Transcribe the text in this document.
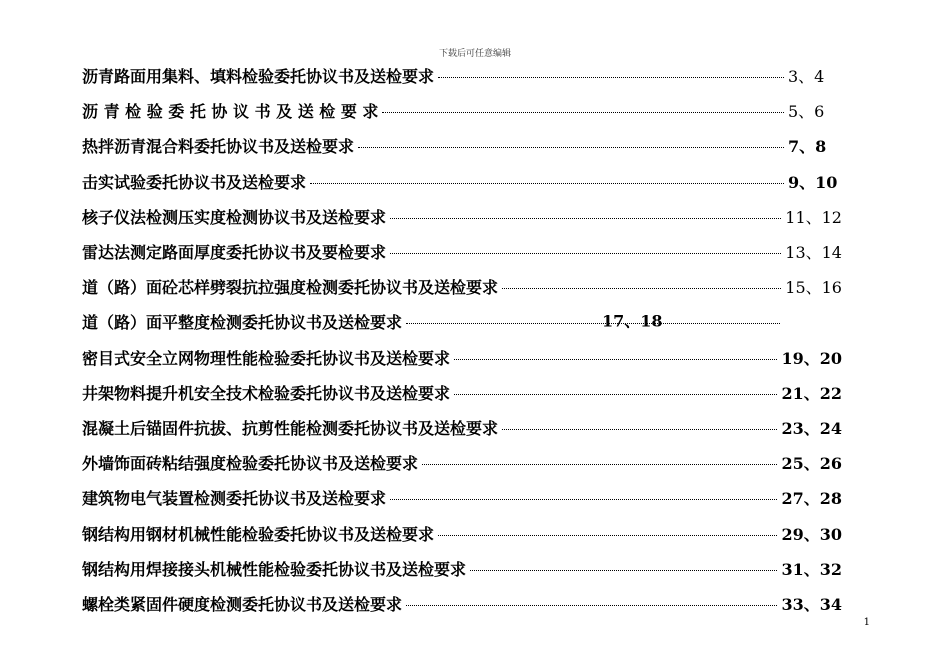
下载后可任意编辑
沥青路面用集料、填料检验委托协议书及送检要求	3、4
沥 青 检 验 委 托 协 议 书 及 送 检 要 求	5、6
热拌沥青混合料委托协议书及送检要求	7、8
击实试验委托协议书及送检要求	9、10
核子仪法检测压实度检测协议书及送检要求	11、12
雷达法测定路面厚度委托协议书及要检要求	13、14
道（路）面砼芯样劈裂抗拉强度检测委托协议书及送检要求	15、16
道（路）面平整度检测委托协议书及送检要求	17、18
密目式安全立网物理性能检验委托协议书及送检要求	19、20
井架物料提升机安全技术检验委托协议书及送检要求	21、22
混凝土后锚固件抗拔、抗剪性能检测委托协议书及送检要求	23、24
外墙饰面砖粘结强度检验委托协议书及送检要求	25、26
建筑物电气装置检测委托协议书及送检要求	27、28
钢结构用钢材机械性能检验委托协议书及送检要求	29、30
钢结构用焊接接头机械性能检验委托协议书及送检要求	31、32
螺栓类紧固件硬度检测委托协议书及送检要求	33、34
1
